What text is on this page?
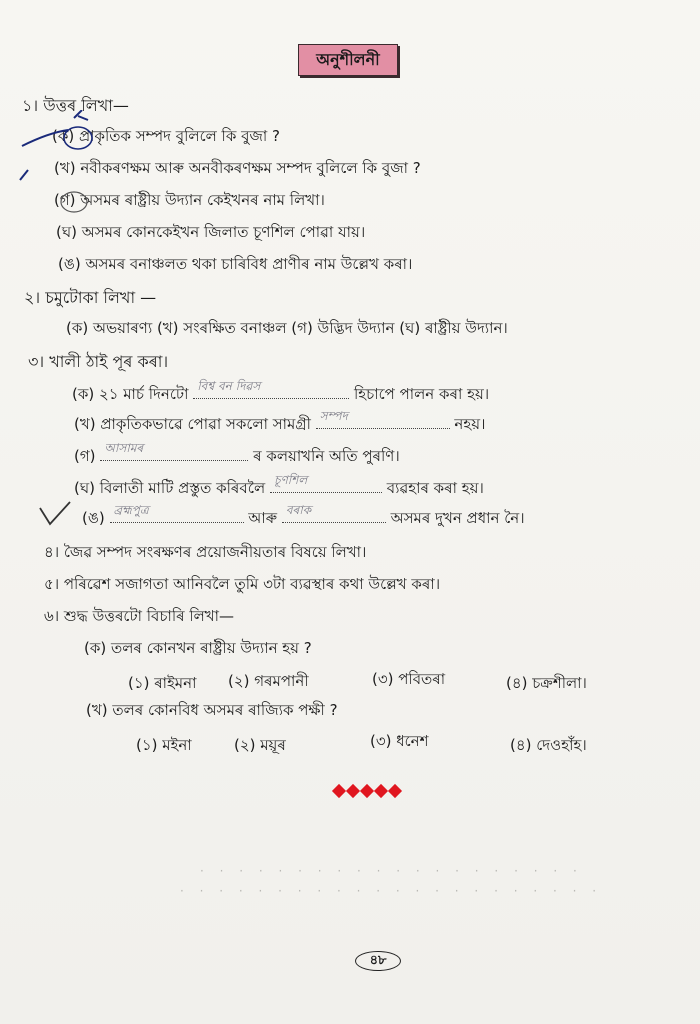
অনুশীলনী
১। উত্তৰ লিখা—
(ক) প্ৰাকৃতিক সম্পদ বুলিলে কি বুজা ?
(খ) নবীকৰণক্ষম আৰু অনবীকৰণক্ষম সম্পদ বুলিলে কি বুজা ?
(গ) অসমৰ ৰাষ্ট্ৰীয় উদ্যান কেইখনৰ নাম লিখা।
(ঘ) অসমৰ কোনকেইখন জিলাত চূণশিল পোৱা যায়।
(ঙ) অসমৰ বনাঞ্চলত থকা চাৰিবিধ প্ৰাণীৰ নাম উল্লেখ কৰা।
২। চমুটোকা লিখা —
(ক) অভয়াৰণ্য (খ) সংৰক্ষিত বনাঞ্চল (গ) উদ্ভিদ উদ্যান (ঘ) ৰাষ্ট্ৰীয় উদ্যান।
৩। খালী ঠাই পূৰ কৰা।
(ক) ২১ মাৰ্চ দিনটো বিশ্ব বন দিৱস	হিচাপে পালন কৰা হয়।
(খ) প্ৰাকৃতিকভাৱে পোৱা সকলো সামগ্ৰী সম্পদ	নহয়।
(গ) আসামৰ	ৰ কলয়াখনি অতি পুৰণি।
(ঘ) বিলাতী মাটি প্ৰস্তুত কৰিবলৈ চূণশিল	ব্যৱহাৰ কৰা হয়।
(ঙ) ব্ৰহ্মপুত্ৰ	আৰু বৰাক	অসমৰ দুখন প্ৰধান নৈ।
৪। জৈৱ সম্পদ সংৰক্ষণৰ প্ৰয়োজনীয়তাৰ বিষয়ে লিখা।
৫। পৰিৱেশ সজাগতা আনিবলৈ তুমি ৩টা ব্যৱস্থাৰ কথা উল্লেখ কৰা।
৬। শুদ্ধ উত্তৰটো বিচাৰি লিখা—
(ক) তলৰ কোনখন ৰাষ্ট্ৰীয় উদ্যান হয় ?
(১) ৰাইমনা (২) গৰমপানী	(৩) পবিতৰা	(৪) চক্ৰশীলা।
(খ) তলৰ কোনবিধ অসমৰ ৰাজ্যিক পক্ষী ?
(১) মইনা	(২) ময়ূৰ	(৩) ধনেশ	(৪) দেওহাঁহ।
· · · · · · · · · · · · · · · · · · · ·
· · · · · · · · · · · · · · · · · · · · · ·
৪৮
